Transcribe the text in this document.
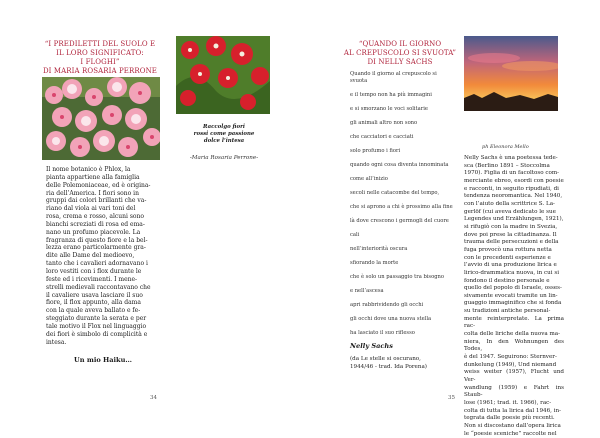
“I PREDILETTI DEL SUOLO E
IL LORO SIGNIFICATO:
I FLOGHI”
DI MARIA ROSARIA PERRONE
Raccolgo fiori
rossi come passione
dolce l’intesa
-Maria Rosaria Perrone-
Il nome botanico è Phlox, la
pianta appartiene alla famiglia
delle Polemoniaceae, ed è origina-
ria dell’America. I fiori sono in
gruppi dai colori brillanti che va-
riano dal viola ai vari toni del
rosa, crema e rosso, alcuni sono
bianchi screziati di rosa ed ema-
nano un profumo piacevole. La
fragranza di questo fiore e la bel-
lezza erano particolarmente gra-
dite alle Dame del medioevo,
tanto che i cavalieri adornavano i
loro vestiti con i flox durante le
feste ed i ricevimenti. I mene-
strelli medievali raccontavano che
il cavaliere usava lasciare il suo
fiore, il flox appunto, alla dama
con la quale aveva ballato e fe-
steggiato durante la serata e per
tale motivo il Flox nel linguaggio
dei fiori è simbolo di complicità e
intesa.
Un mio Haiku…
34
“QUANDO IL GIORNO
AL CREPUSCOLO SI SVUOTA”
DI NELLY SACHS
ph Eleonora Mello
Quando il giorno al crepuscolo si
svuota
e il tempo non ha più immagini
e si smorzano le voci solitarie
gli animali altro non sono
che cacciatori e cacciati
solo profumo i fiori
quando ogni cosa diventa innominata
come all’inizio
secoli nelle catacombe del tempo,
che si aprono a chi è prossimo alla fine
là dove crescono i germogli del cuore
cali
nell’interiorità oscura
sfiorando la morte
che è solo un passaggio tra bisogno
e nell’ascesa
apri rabbrividendo gli occhi
gli occhi dove una nuova stella
ha lasciato il suo riflesso
Nelly Sachs
(da Le stelle si oscurano,
1944/46 - trad. Ida Porena)
Nelly Sachs è una poetessa tede-
sca (Berlino 1891 – Stoccolma
1970). Figlia di un facoltoso com-
merciante ebreo, esordi con poesie
e racconti, in seguito ripudiati, di
tendenza neoromantica. Nel 1940,
con l’aiuto della scrittrice S. La-
gerlöf (cui aveva dedicato le sue
Legendes und Erzählungen, 1921),
si rifugiò con la madre in Svezia,
dove poi prese la cittadinanza. Il
trauma delle persecuzioni e della
fuga provocò una rottura netta
con le precedenti esperienze e
l’avvio di una produzione lirica e
lirico-drammatica nuova, in cui si
fondono il destino personale e
quello del popolo di Israele, osses-
sivamente evocati tramite un lin-
guaggio immaginifico che si fonda
su tradizioni antiche personal-
mente reinterpretate. La prima rac-
colta delle liriche della nuova ma-
niera, In den Wohnungen des Todes,
è del 1947. Seguirono: Sternver-
dunkelung (1949), Und niemand
weiss weiter (1957), Flucht und Ver-
wandlung (1959) e Fahrt ins Staub-
lose (1961; trad. it. 1966), rac-
colta di tutta la lirica dal 1946, in-
tegrata dalle poesie più recenti.
Non si discostano dall’opera lirica
le “poesie sceniche” raccolte nel
35
